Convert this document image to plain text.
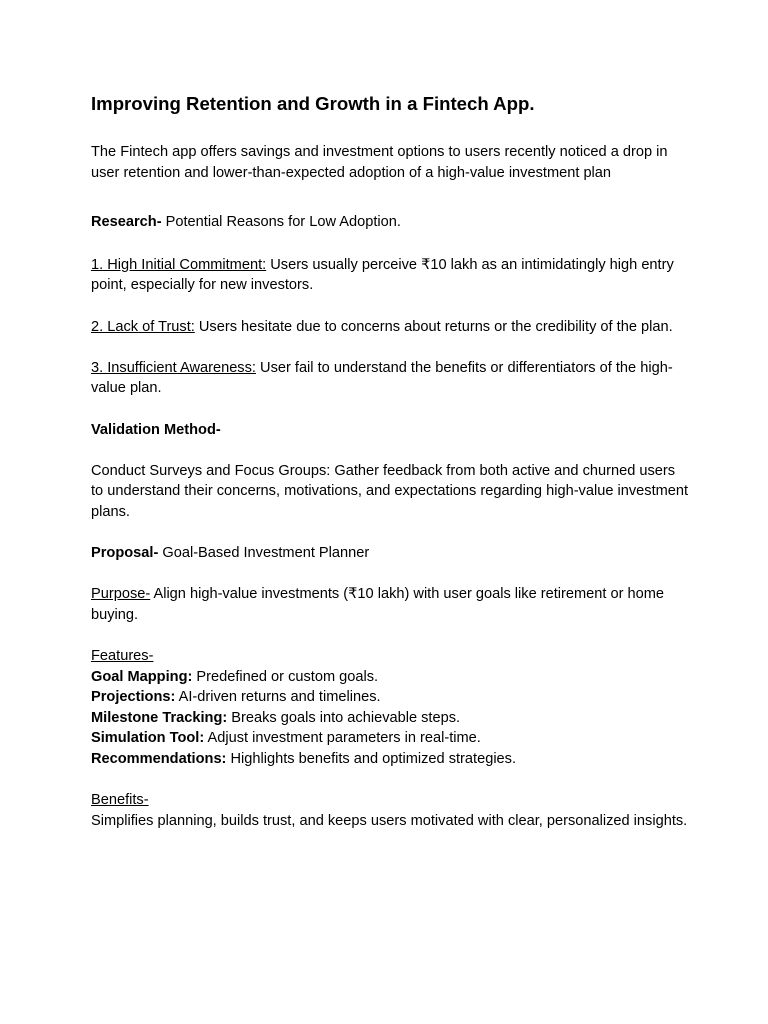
Improving Retention and Growth in a Fintech App.

The Fintech app offers savings and investment options to users recently noticed a drop in user retention and lower-than-expected adoption of a high-value investment plan

Research- Potential Reasons for Low Adoption.

1. High Initial Commitment: Users usually perceive ₹10 lakh as an intimidatingly high entry point, especially for new investors.

2. Lack of Trust: Users hesitate due to concerns about returns or the credibility of the plan.

3. Insufficient Awareness: User fail to understand the benefits or differentiators of the high-value plan.

Validation Method-

Conduct Surveys and Focus Groups: Gather feedback from both active and churned users to understand their concerns, motivations, and expectations regarding high-value investment plans.

Proposal- Goal-Based Investment Planner

Purpose- Align high-value investments (₹10 lakh) with user goals like retirement or home buying.

Features-

Goal Mapping: Predefined or custom goals.

Projections: AI-driven returns and timelines.

Milestone Tracking: Breaks goals into achievable steps.

Simulation Tool: Adjust investment parameters in real-time.

Recommendations: Highlights benefits and optimized strategies.

Benefits-

Simplifies planning, builds trust, and keeps users motivated with clear, personalized insights.
